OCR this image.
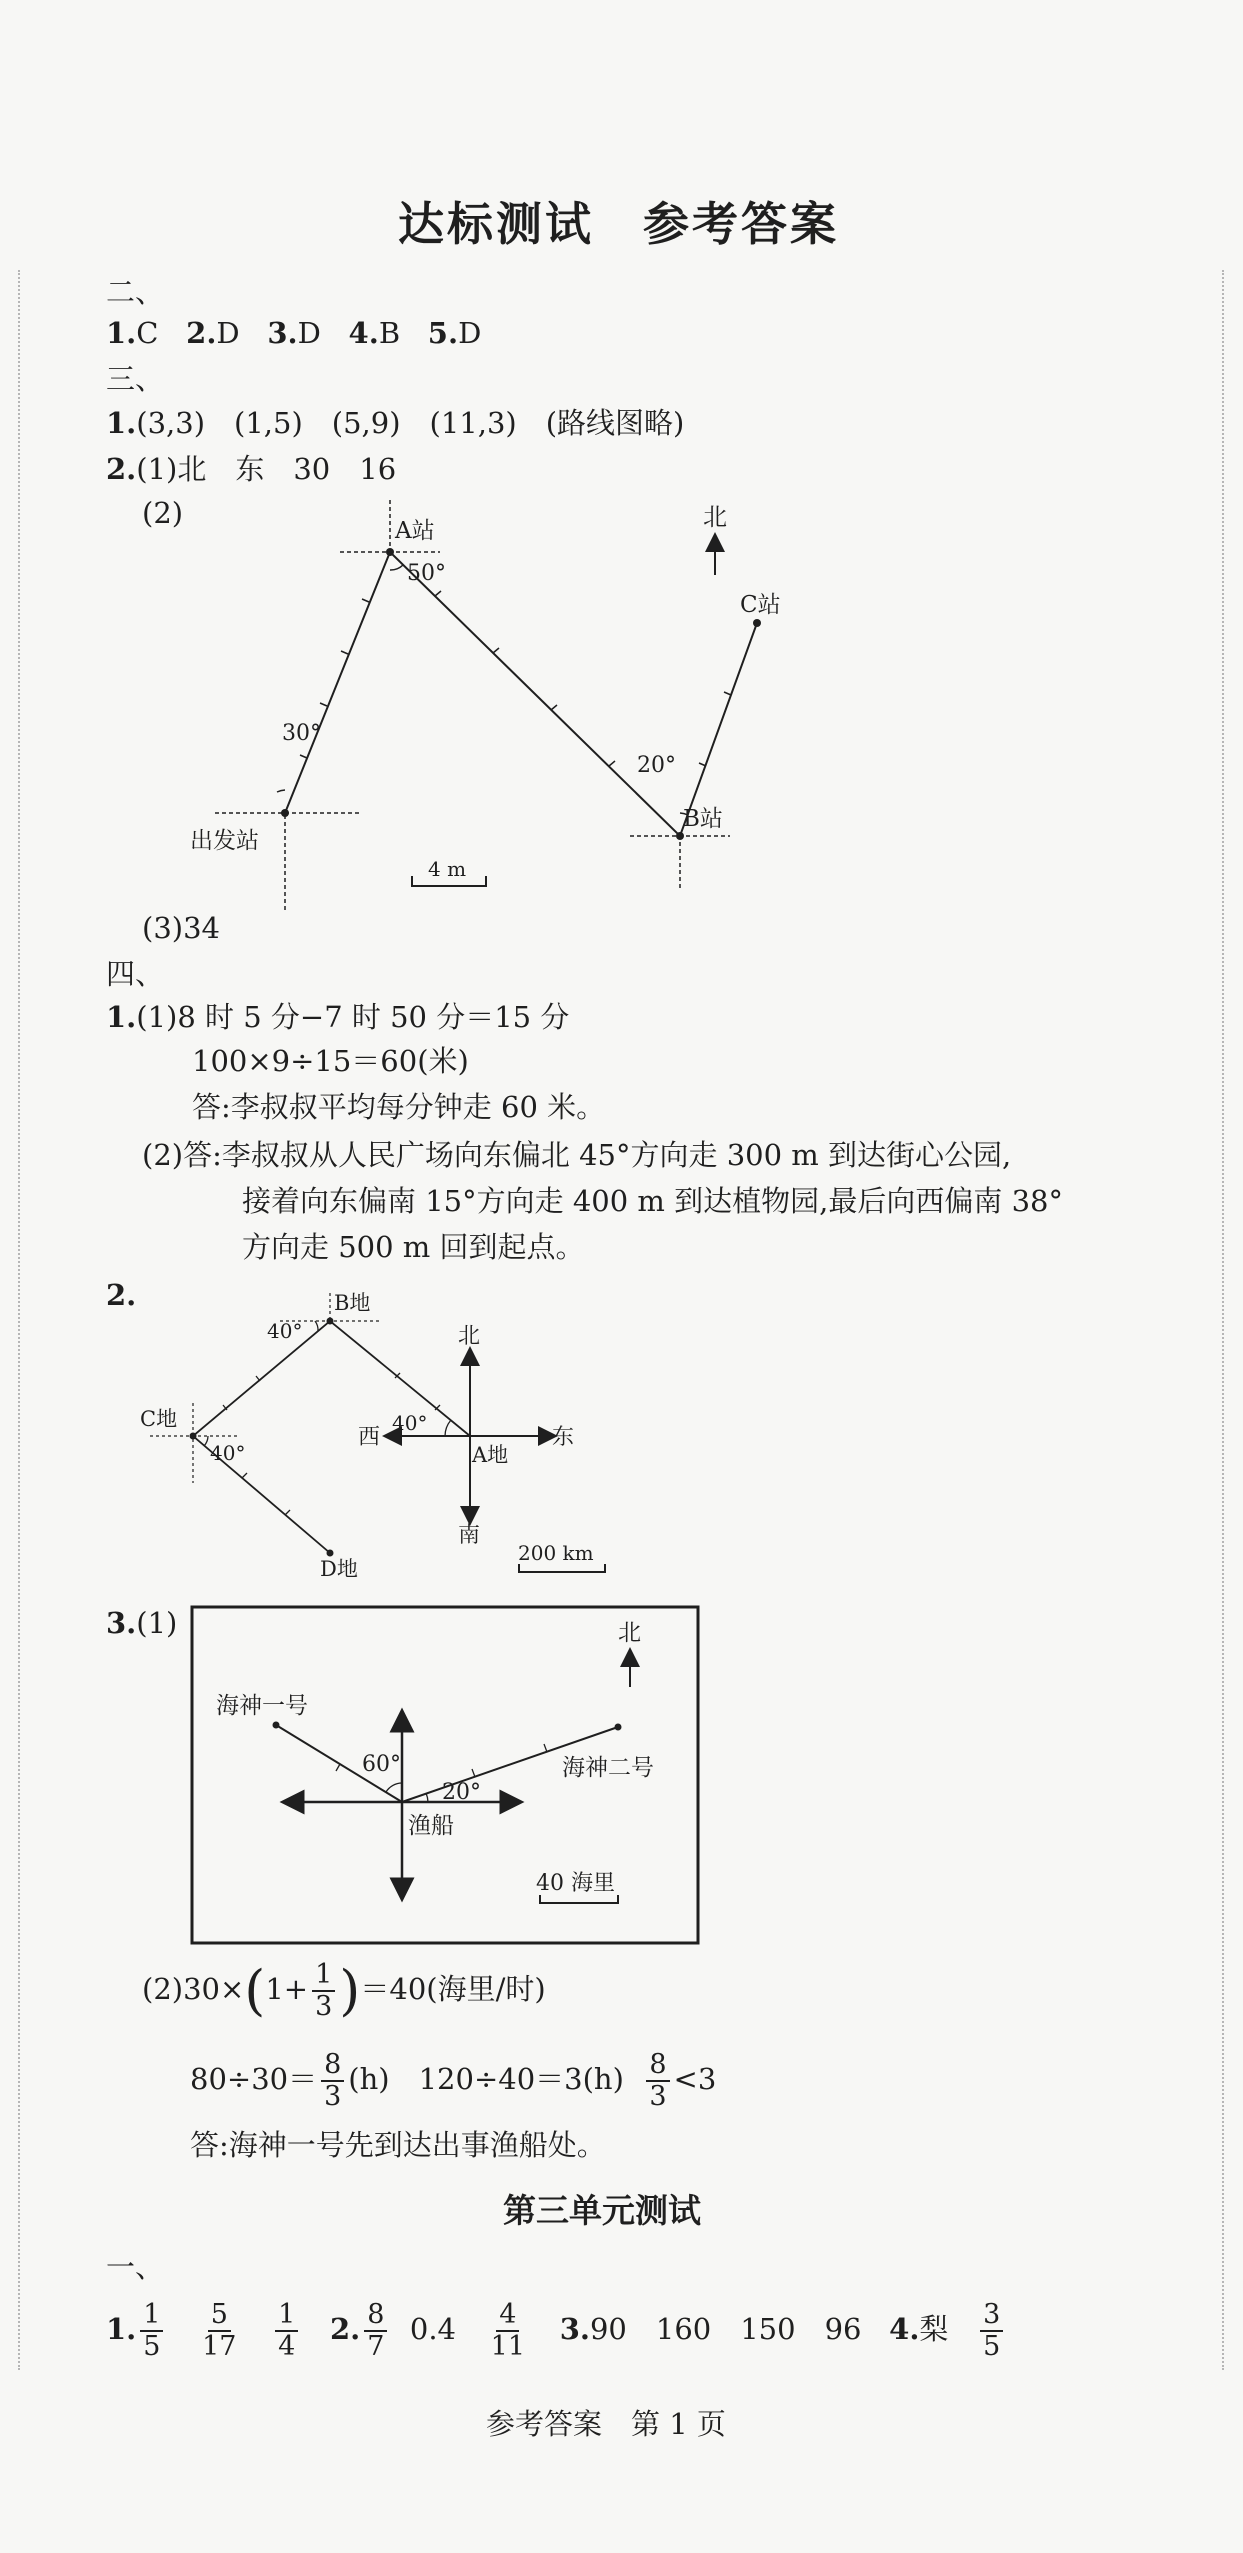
达标测试　参考答案
二、
1.C 2.D 3.D 4.B 5.D
三、
1.(3,3)　(1,5)　(5,9)　(11,3)　(路线图略)
2.(1)北　东　30　16
(2)	北
A站
50°
C站
30°
20°
B站
出发站
4 m
(3)34
四、
1.(1)8 时 5 分−7 时 50 分＝15 分
100×9÷15＝60(米)
答:李叔叔平均每分钟走 60 米。
(2)答:李叔叔从人民广场向东偏北 45°方向走 300 m 到达街心公园,
接着向东偏南 15°方向走 400 m 到达植物园,最后向西偏南 38°
方向走 500 m 回到起点。
2.	B地
40°
C地
40°
D地
北
西
40°
东
A地
南
200 km
3.(1)	北
海神一号
60°	海神二号
20°
渔船
40 海里
$(2)30\times(1+ \frac{1}{3} )=40$(海里/时)
$80\div 30= \frac{8}{3} (h)$　$120\div 40=3(h) \frac{8}{3} <3$
答:海神一号先到达出事渔船处。
第三单元测试
一、
1. $\frac{1}{5}$
$\frac{5}{17}$
$\frac{1}{4} 2$. $\frac{8}{7} 0.4 \frac{4}{11} 3.90$　160　150　96 4.梨 $\frac{3}{5}$
参考答案　第 1 页
